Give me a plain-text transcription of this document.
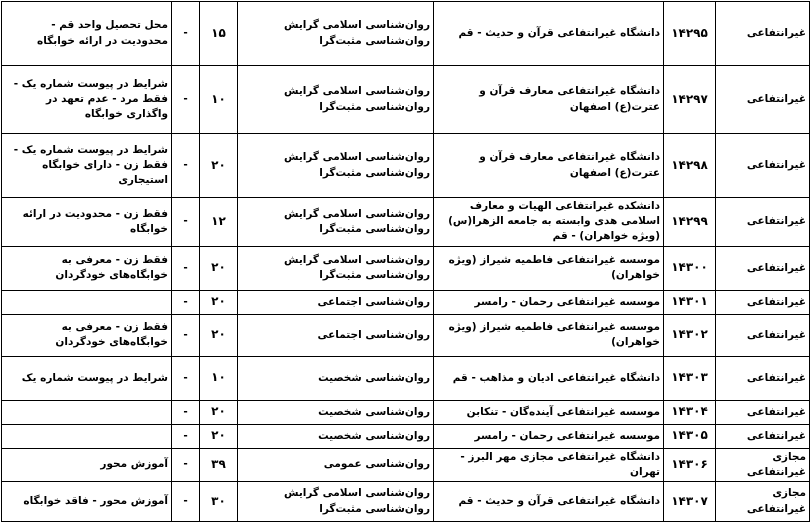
غیرانتفاعی	۱۴۲۹۵	دانشگاه غیرانتفاعی قرآن و حدیث - قم	روان‌شناسی اسلامی گرایش روان‌شناسی مثبت‌گرا	۱۵	-	محل تحصیل واحد قم - محدودیت در ارائه خوابگاه
غیرانتفاعی	۱۴۲۹۷	دانشگاه غیرانتفاعی معارف قرآن و عترت(ع) اصفهان	روان‌شناسی اسلامی گرایش روان‌شناسی مثبت‌گرا	۱۰	-	شرایط در پیوست شماره یک - فقط مرد - عدم تعهد در واگذاری خوابگاه
غیرانتفاعی	۱۴۲۹۸	دانشگاه غیرانتفاعی معارف قرآن و عترت(ع) اصفهان	روان‌شناسی اسلامی گرایش روان‌شناسی مثبت‌گرا	۲۰	-	شرایط در پیوست شماره یک - فقط زن - دارای خوابگاه استیجاری
غیرانتفاعی	۱۴۲۹۹	دانشکده غیرانتفاعی الهیات و معارف اسلامی هدی وابسته به جامعه الزهرا(س) (ویژه خواهران) - قم	روان‌شناسی اسلامی گرایش روان‌شناسی مثبت‌گرا	۱۲	-	فقط زن - محدودیت در ارائه خوابگاه
غیرانتفاعی	۱۴۳۰۰	موسسه غیرانتفاعی فاطمیه شیراز (ویژه خواهران)	روان‌شناسی اسلامی گرایش روان‌شناسی مثبت‌گرا	۲۰	-	فقط زن - معرفی به خوابگاه‌های خودگردان
غیرانتفاعی	۱۴۳۰۱	موسسه غیرانتفاعی رحمان - رامسر	روان‌شناسی اجتماعی	۲۰	-	
غیرانتفاعی	۱۴۳۰۲	موسسه غیرانتفاعی فاطمیه شیراز (ویژه خواهران)	روان‌شناسی اجتماعی	۲۰	-	فقط زن - معرفی به خوابگاه‌های خودگردان
غیرانتفاعی	۱۴۳۰۳	دانشگاه غیرانتفاعی ادیان و مذاهب - قم	روان‌شناسی شخصیت	۱۰	-	شرایط در پیوست شماره یک
غیرانتفاعی	۱۴۳۰۴	موسسه غیرانتفاعی آینده‌گان - تنکابن	روان‌شناسی شخصیت	۲۰	-	
غیرانتفاعی	۱۴۳۰۵	موسسه غیرانتفاعی رحمان - رامسر	روان‌شناسی شخصیت	۲۰	-	
مجازی غیرانتفاعی	۱۴۳۰۶	دانشگاه غیرانتفاعی مجازی مهر البرز - تهران	روان‌شناسی عمومی	۳۹	-	آموزش محور
مجازی غیرانتفاعی	۱۴۳۰۷	دانشگاه غیرانتفاعی قرآن و حدیث - قم	روان‌شناسی اسلامی گرایش روان‌شناسی مثبت‌گرا	۳۰	-	آموزش محور - فاقد خوابگاه
